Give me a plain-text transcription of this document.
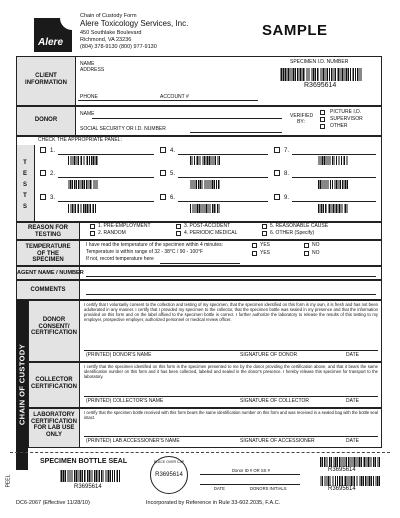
Alere
Chain of Custody Form
Alere Toxicology Services, Inc.
450 Southlake Boulevard
Richmond, VA 23236
(804) 378-9130 (800) 977-9130
SAMPLE
CLIENT INFORMATION
NAME
ADDRESS
PHONE	ACCOUNT #
SPECIMEN I.D. NUMBER
R3695614
DONOR
NAME
SOCIAL SECURITY OR I.D. NUMBER
VERIFIED BY:
PICTURE I.D.
SUPERVISOR
OTHER
CHECK THE APPROPRIATE PANEL:
T
E
S
T
S
1.
2.
3.
4.
5.
6.
7.
8.
9.
REASON FOR TESTING
1. PRE-EMPLOYMENT
2. RANDOM
3. POST-ACCIDENT
4. PERIODIC MEDICAL
5. REASONABLE CAUSE
6. OTHER (Specify)
TEMPERATURE OF THE SPECIMEN
I have read the temperature of the specimen within 4 minutes:
Temperature is within range of 32 - 38°C / 90 - 100°F
If not, record temperature here
YES	NO
YES	NO
AGENT NAME / NUMBER
COMMENTS
CHAIN OF CUSTODY
DONOR CONSENT/ CERTIFICATION
I certify that I voluntarily consent to the collection and testing of my specimen, that the specimen identified on this form is my own, it is fresh and has not been adulterated in any manner. I certify that I provided my specimen to the collector, that the specimen bottle was sealed in my presence and that the information provided on this form and on the label affixed to the specimen bottle is correct. I further authorize the laboratory to release the results of this testing to my employer, prospective employer, authorized personnel or medical review officer.
(PRINTED) DONOR'S NAME	SIGNATURE OF DONOR	DATE
COLLECTOR CERTIFICATION
I certify that the specimen identified on this form is the specimen presented to me by the donor providing the certification above, and that it bears the same identification number on this form and it has been collected, labeled and sealed in the donor's presence. I hereby release this specimen for transport to the laboratory.
(PRINTED) COLLECTOR'S NAME	SIGNATURE OF COLLECTOR	DATE
LABORATORY CERTIFICATION FOR LAB USE ONLY
I certify that the specimen bottle received with this form bears the same identification number on this form and was received in a sealed bag with the bottle seal intact.
(PRINTED) LAB ACCESSIONER'S NAME	SIGNATURE OF ACCESSIONER	DATE
PEEL
SPECIMEN BOTTLE SEAL
R3695614
PLACE OVER CAP
R3695614
Donor ID # OR SS #
DATE	DONORS INITIALS
R3695614
R3695614
DC6-2067 (Effective 11/28/10)	Incorporated by Reference in Rule 33-602.2035, F.A.C.
